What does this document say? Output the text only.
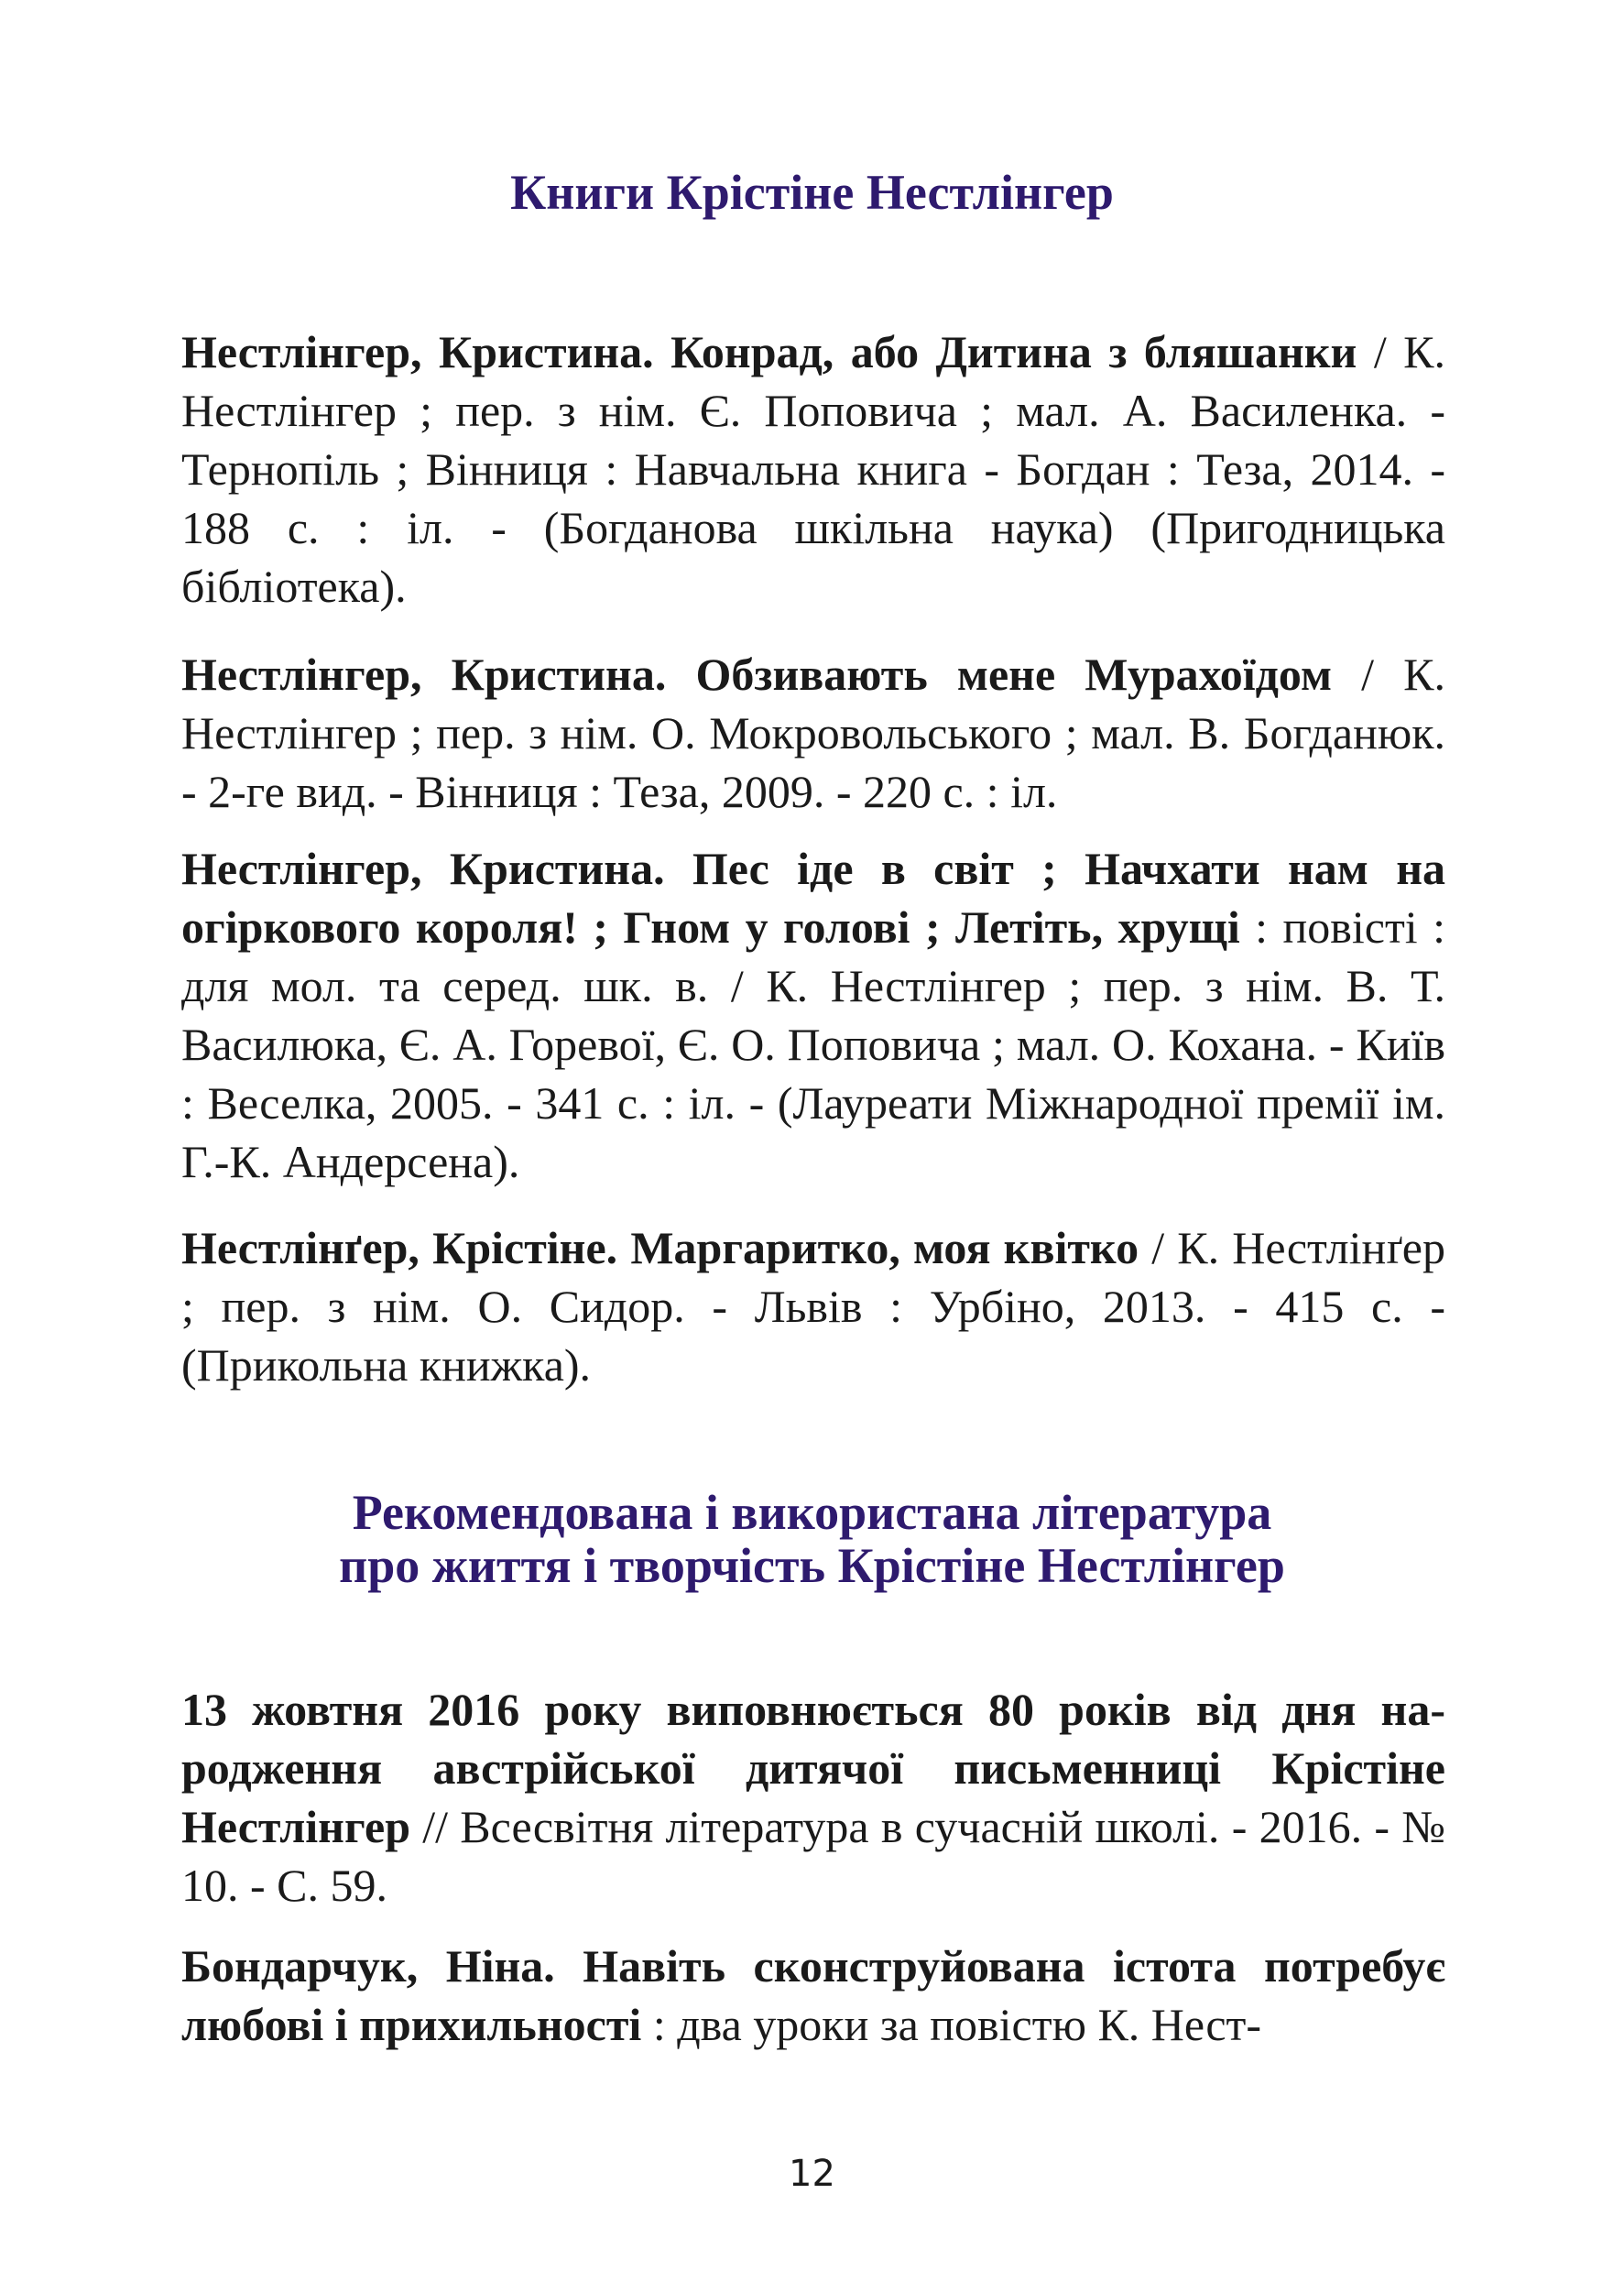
Книги Крістіне Нестлінгер

Нестлінгер, Кристина. Конрад, або Дитина з бляшанки / К. Нестлінгер ; пер. з нім. Є. Поповича ; мал. А. Василенка. - Тернопіль ; Вінниця : Навчальна книга - Богдан : Теза, 2014. - 188 с. : іл. - (Богданова шкільна наука) (Пригодницька бібліотека).

Нестлінгер, Кристина. Обзивають мене Мурахоїдом / К. Нестлінгер ; пер. з нім. О. Мокровольського ; мал. В. Богданюк. - 2-ге вид. - Вінниця : Теза, 2009. - 220 с. : іл.

Нестлінгер, Кристина. Пес іде в світ ; Начхати нам на огіркового короля! ; Гном у голові ; Летіть, хрущі : повісті : для мол. та серед. шк. в. / К. Нестлінгер ; пер. з нім. В. Т. Василюка, Є. А. Горевої, Є. О. Поповича ; мал. О. Кохана. - Київ : Веселка, 2005. - 341 с. : іл. - (Лауреати Міжнародної премії ім. Г.-К. Андерсена).

Нестлінґер, Крістіне. Маргаритко, моя квітко / К. Нестлінґер ; пер. з нім. О. Сидор. - Львів : Урбіно, 2013. - 415 с. - (Прикольна книжка).

Рекомендована і використана література
про життя і творчість Крістіне Нестлінгер

13 жовтня 2016 року виповнюється 80 років від дня народження австрійської дитячої письменниці Крістіне Нестлінгер // Всесвітня література в сучасній школі. - 2016. - № 10. - С. 59.

Бондарчук, Ніна. Навіть сконструйована істота потребує любові і прихильності : два уроки за повістю К. Нест-

12
